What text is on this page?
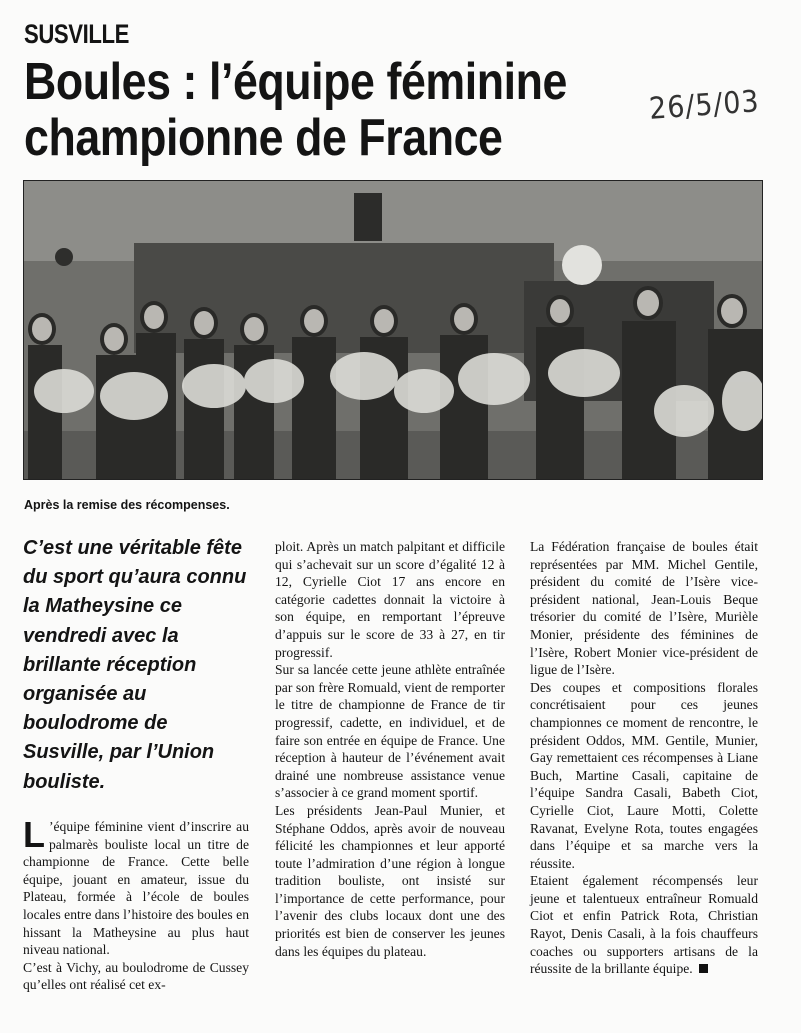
SUSVILLE
Boules : l’équipe féminine
championne de France
26/5/03
Après la remise des récompenses.
C’est une véritable fête du sport qu’aura connu la Matheysine ce vendredi avec la brillante réception organisée au boulodrome de Susville, par l’Union bouliste.
L ’équipe féminine vient d’inscrire au palmarès bouliste local un titre de championne de France. Cette belle équipe, jouant en amateur, issue du Plateau, formée à l’école de boules locales entre dans l’histoire des boules en hissant la Matheysine au plus haut niveau national.

C’est à Vichy, au boulodrome de Cussey qu’elles ont réalisé cet ex-

ploit. Après un match palpitant et difficile qui s’achevait sur un score d’égalité 12 à 12, Cyrielle Ciot 17 ans encore en catégorie cadettes donnait la victoire à son équipe, en remportant l’épreuve d’appuis sur le score de 33 à 27, en tir progressif.

Sur sa lancée cette jeune athlète entraînée par son frère Romuald, vient de remporter le titre de championne de France de tir progressif, cadette, en individuel, et de faire son entrée en équipe de France. Une réception à hauteur de l’événement avait drainé une nombreuse assistance venue s’associer à ce grand moment sportif.

Les présidents Jean-Paul Munier, et Stéphane Oddos, après avoir de nouveau félicité les championnes et leur apporté toute l’admiration d’une région à longue tradition bouliste, ont insisté sur l’importance de cette performance, pour l’avenir des clubs locaux dont une des priorités est bien de conserver les jeunes dans les équipes du plateau.

La Fédération française de boules était représentées par MM. Michel Gentile, président du comité de l’Isère vice-président national, Jean-Louis Beque trésorier du comité de l’Isère, Murièle Monier, présidente des féminines de l’Isère, Robert Monier vice-président de ligue de l’Isère.

Des coupes et compositions florales concrétisaient pour ces jeunes championnes ce moment de rencontre, le président Oddos, MM. Gentile, Munier, Gay remettaient ces récompenses à Liane Buch, Martine Casali, capitaine de l’équipe Sandra Casali, Babeth Ciot, Cyrielle Ciot, Laure Motti, Colette Ravanat, Evelyne Rota, toutes engagées dans l’équipe et sa marche vers la réussite.

Etaient également récompensés leur jeune et talentueux entraîneur Romuald Ciot et enfin Patrick Rota, Christian Rayot, Denis Casali, à la fois chauffeurs coaches ou supporters artisans de la réussite de la brillante équipe.
